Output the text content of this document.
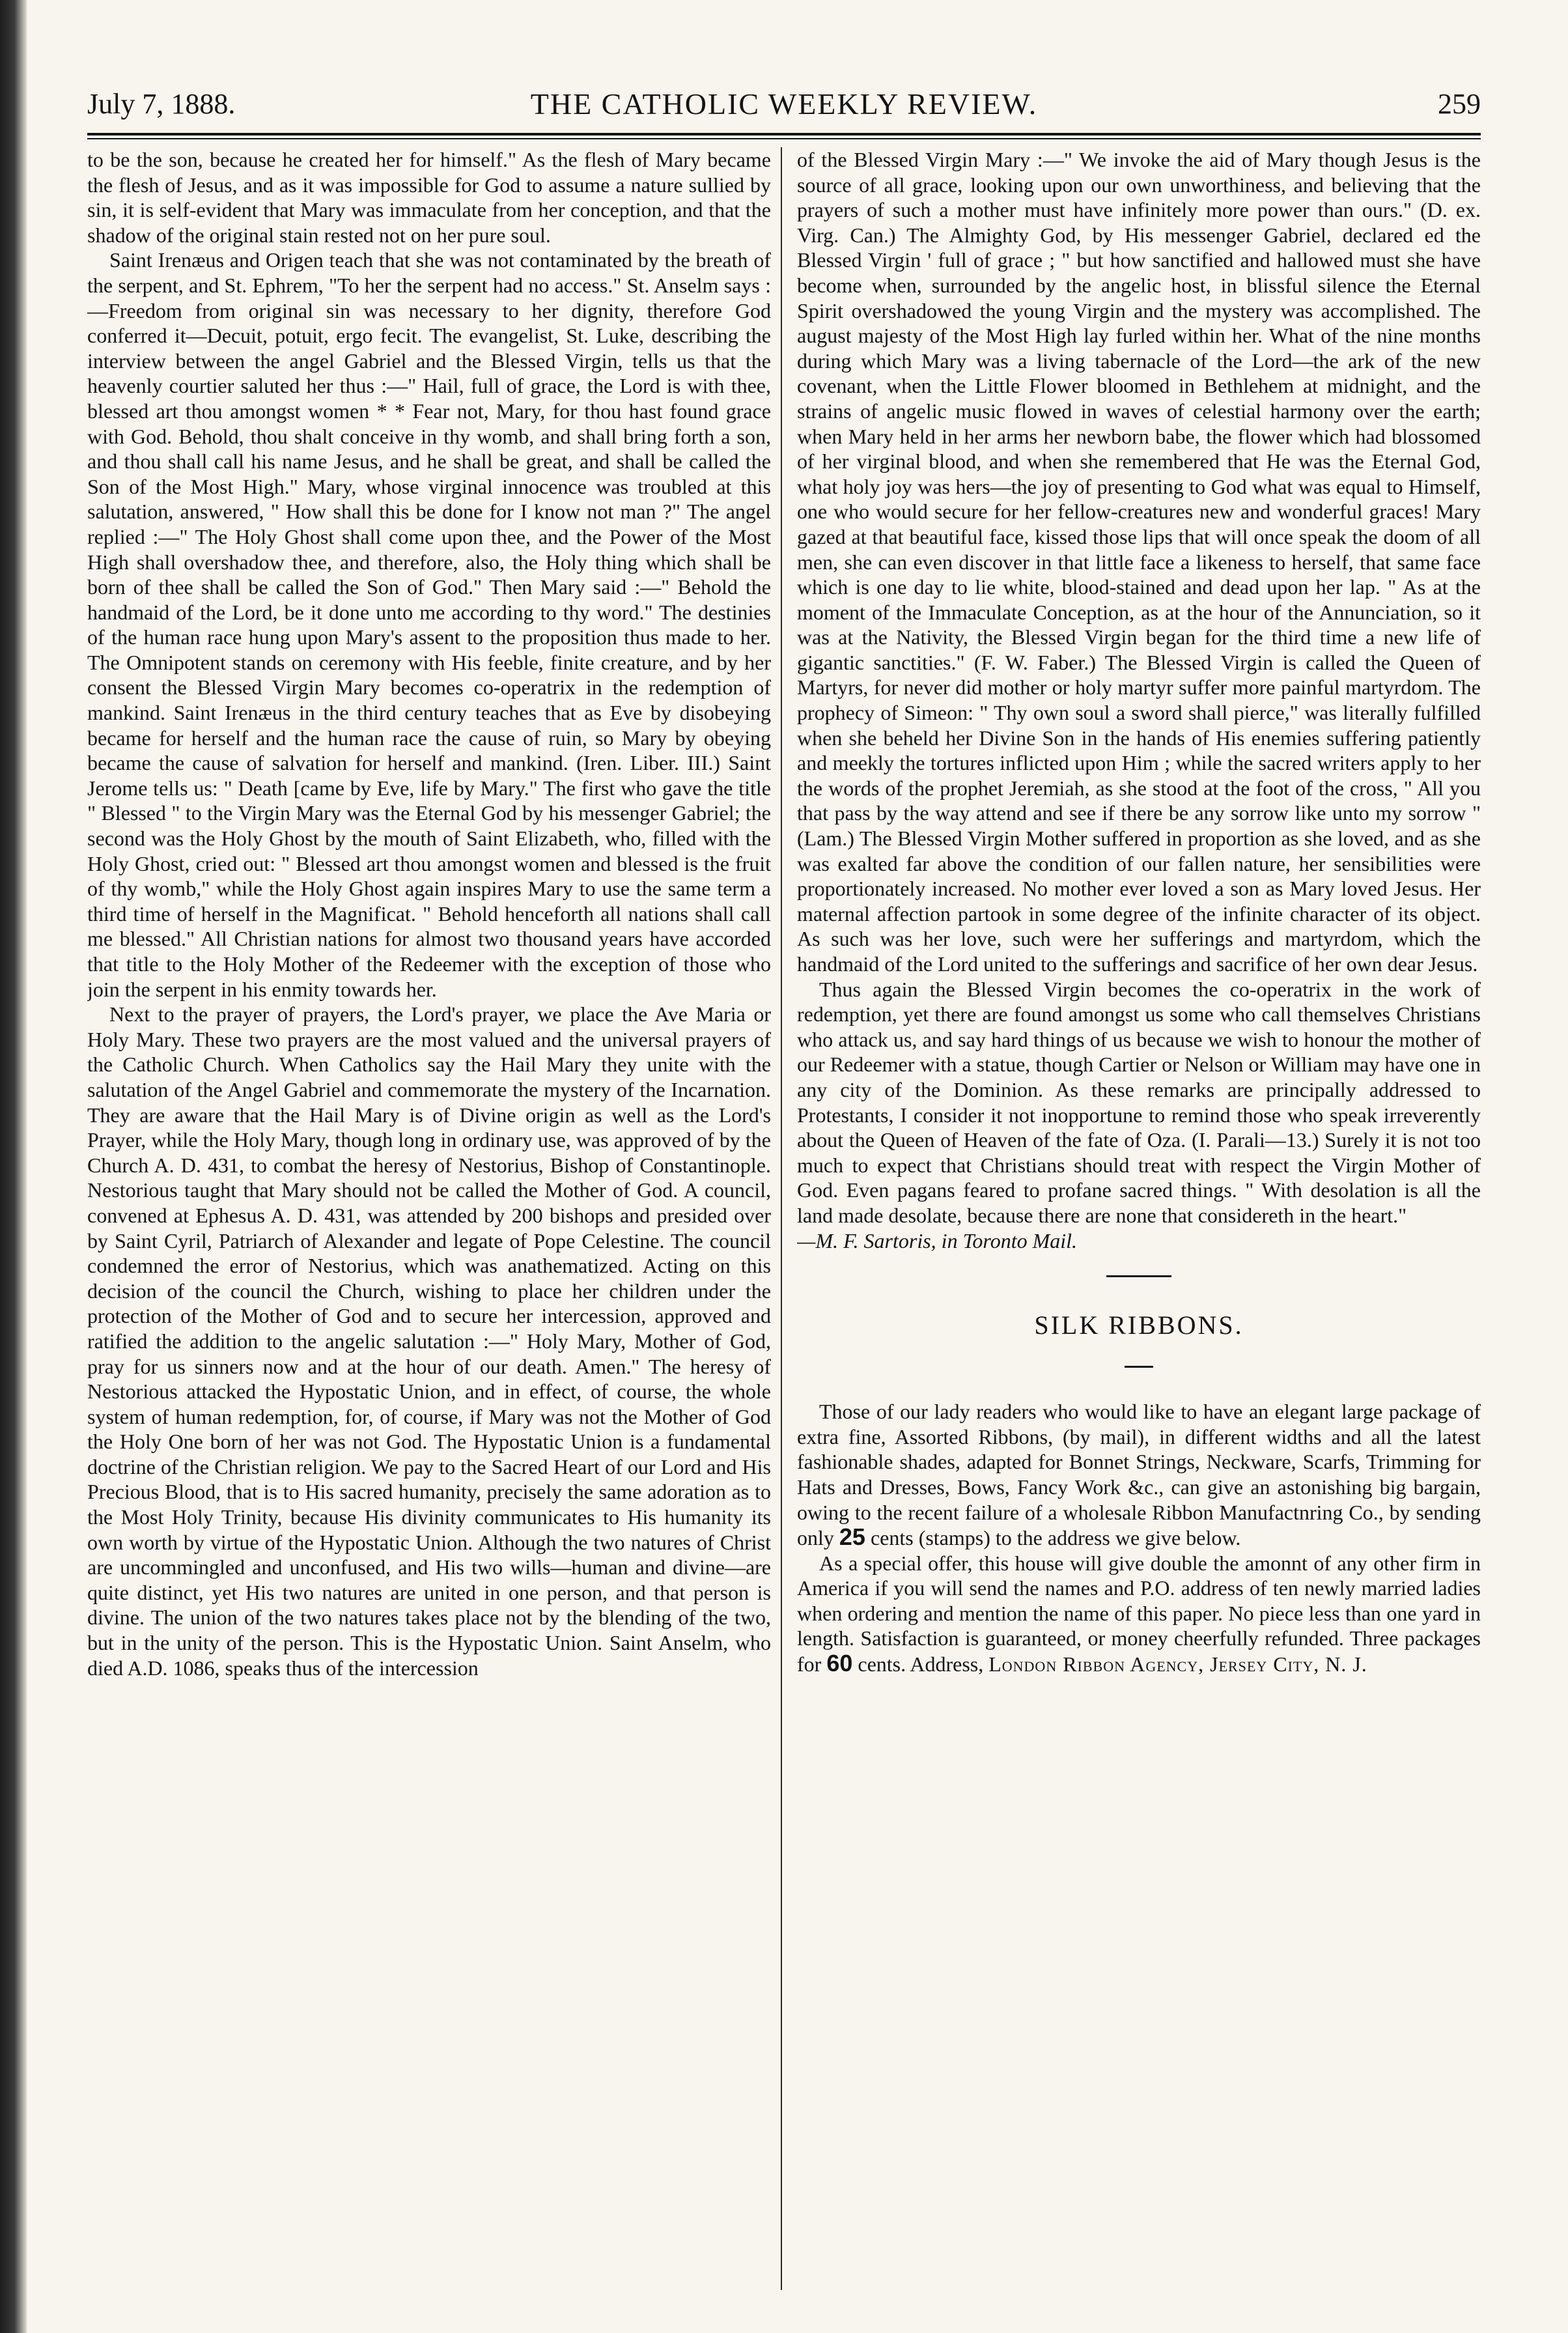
July 7, 1888.	THE CATHOLIC WEEKLY REVIEW.	259

to be the son, because he created her for himself." As the flesh of Mary became the flesh of Jesus, and as it was impossible for God to assume a nature sullied by sin, it is self-evident that Mary was immaculate from her conception, and that the shadow of the original stain rested not on her pure soul.

Saint Irenæus and Origen teach that she was not contaminated by the breath of the serpent, and St. Ephrem, "To her the serpent had no access." St. Anselm says :—Freedom from original sin was necessary to her dignity, therefore God conferred it—Decuit, potuit, ergo fecit. The evangelist, St. Luke, describing the interview between the angel Gabriel and the Blessed Virgin, tells us that the heavenly courtier saluted her thus :—" Hail, full of grace, the Lord is with thee, blessed art thou amongst women * * Fear not, Mary, for thou hast found grace with God. Behold, thou shalt conceive in thy womb, and shall bring forth a son, and thou shall call his name Jesus, and he shall be great, and shall be called the Son of the Most High." Mary, whose virginal innocence was troubled at this salutation, answered, " How shall this be done for I know not man ?" The angel replied :—" The Holy Ghost shall come upon thee, and the Power of the Most High shall overshadow thee, and therefore, also, the Holy thing which shall be born of thee shall be called the Son of God." Then Mary said :—" Behold the handmaid of the Lord, be it done unto me according to thy word." The destinies of the human race hung upon Mary's assent to the proposition thus made to her. The Omnipotent stands on ceremony with His feeble, finite creature, and by her consent the Blessed Virgin Mary becomes co-operatrix in the redemption of mankind. Saint Irenæus in the third century teaches that as Eve by disobeying became for herself and the human race the cause of ruin, so Mary by obeying became the cause of salvation for herself and mankind. (Iren. Liber. III.) Saint Jerome tells us: " Death [came by Eve, life by Mary." The first who gave the title " Blessed " to the Virgin Mary was the Eternal God by his messenger Gabriel; the second was the Holy Ghost by the mouth of Saint Elizabeth, who, filled with the Holy Ghost, cried out: " Blessed art thou amongst women and blessed is the fruit of thy womb," while the Holy Ghost again inspires Mary to use the same term a third time of herself in the Magnificat. " Behold henceforth all nations shall call me blessed." All Christian nations for almost two thousand years have accorded that title to the Holy Mother of the Redeemer with the exception of those who join the serpent in his enmity towards her.

Next to the prayer of prayers, the Lord's prayer, we place the Ave Maria or Holy Mary. These two prayers are the most valued and the universal prayers of the Catholic Church. When Catholics say the Hail Mary they unite with the salutation of the Angel Gabriel and commemorate the mystery of the Incarnation. They are aware that the Hail Mary is of Divine origin as well as the Lord's Prayer, while the Holy Mary, though long in ordinary use, was approved of by the Church A. D. 431, to combat the heresy of Nestorius, Bishop of Constantinople. Nestorious taught that Mary should not be called the Mother of God. A council, convened at Ephesus A. D. 431, was attended by 200 bishops and presided over by Saint Cyril, Patriarch of Alexander and legate of Pope Celestine. The council condemned the error of Nestorius, which was anathematized. Acting on this decision of the council the Church, wishing to place her children under the protection of the Mother of God and to secure her intercession, approved and ratified the addition to the angelic salutation :—" Holy Mary, Mother of God, pray for us sinners now and at the hour of our death. Amen." The heresy of Nestorious attacked the Hypostatic Union, and in effect, of course, the whole system of human redemption, for, of course, if Mary was not the Mother of God the Holy One born of her was not God. The Hypostatic Union is a fundamental doctrine of the Christian religion. We pay to the Sacred Heart of our Lord and His Precious Blood, that is to His sacred humanity, precisely the same adoration as to the Most Holy Trinity, because His divinity communicates to His humanity its own worth by virtue of the Hypostatic Union. Although the two natures of Christ are uncommingled and unconfused, and His two wills—human and divine—are quite distinct, yet His two natures are united in one person, and that person is divine. The union of the two natures takes place not by the blending of the two, but in the unity of the person. This is the Hypostatic Union. Saint Anselm, who died A.D. 1086, speaks thus of the intercession

of the Blessed Virgin Mary :—" We invoke the aid of Mary though Jesus is the source of all grace, looking upon our own unworthiness, and believing that the prayers of such a mother must have infinitely more power than ours." (D. ex. Virg. Can.) The Almighty God, by His messenger Gabriel, declared ed the Blessed Virgin ' full of grace ; " but how sanctified and hallowed must she have become when, surrounded by the angelic host, in blissful silence the Eternal Spirit overshadowed the young Virgin and the mystery was accomplished. The august majesty of the Most High lay furled within her. What of the nine months during which Mary was a living tabernacle of the Lord—the ark of the new covenant, when the Little Flower bloomed in Bethlehem at midnight, and the strains of angelic music flowed in waves of celestial harmony over the earth; when Mary held in her arms her newborn babe, the flower which had blossomed of her virginal blood, and when she remembered that He was the Eternal God, what holy joy was hers—the joy of presenting to God what was equal to Himself, one who would secure for her fellow-creatures new and wonderful graces! Mary gazed at that beautiful face, kissed those lips that will once speak the doom of all men, she can even discover in that little face a likeness to herself, that same face which is one day to lie white, blood-stained and dead upon her lap. " As at the moment of the Immaculate Conception, as at the hour of the Annunciation, so it was at the Nativity, the Blessed Virgin began for the third time a new life of gigantic sanctities." (F. W. Faber.) The Blessed Virgin is called the Queen of Martyrs, for never did mother or holy martyr suffer more painful martyrdom. The prophecy of Simeon: " Thy own soul a sword shall pierce," was literally fulfilled when she beheld her Divine Son in the hands of His enemies suffering patiently and meekly the tortures inflicted upon Him ; while the sacred writers apply to her the words of the prophet Jeremiah, as she stood at the foot of the cross, " All you that pass by the way attend and see if there be any sorrow like unto my sorrow " (Lam.) The Blessed Virgin Mother suffered in proportion as she loved, and as she was exalted far above the condition of our fallen nature, her sensibilities were proportionately increased. No mother ever loved a son as Mary loved Jesus. Her maternal affection partook in some degree of the infinite character of its object. As such was her love, such were her sufferings and martyrdom, which the handmaid of the Lord united to the sufferings and sacrifice of her own dear Jesus.

Thus again the Blessed Virgin becomes the co-operatrix in the work of redemption, yet there are found amongst us some who call themselves Christians who attack us, and say hard things of us because we wish to honour the mother of our Redeemer with a statue, though Cartier or Nelson or William may have one in any city of the Dominion. As these remarks are principally addressed to Protestants, I consider it not inopportune to remind those who speak irreverently about the Queen of Heaven of the fate of Oza. (I. Parali—13.) Surely it is not too much to expect that Christians should treat with respect the Virgin Mother of God. Even pagans feared to profane sacred things. " With desolation is all the land made desolate, because there are none that considereth in the heart."

—M. F. Sartoris, in Toronto Mail.

SILK RIBBONS.

Those of our lady readers who would like to have an elegant large package of extra fine, Assorted Ribbons, (by mail), in different widths and all the latest fashionable shades, adapted for Bonnet Strings, Neckware, Scarfs, Trimming for Hats and Dresses, Bows, Fancy Work &c., can give an astonishing big bargain, owing to the recent failure of a wholesale Ribbon Manufactnring Co., by sending only 25 cents (stamps) to the address we give below.

As a special offer, this house will give double the amonnt of any other firm in America if you will send the names and P.O. address of ten newly married ladies when ordering and mention the name of this paper. No piece less than one yard in length. Satisfaction is guaranteed, or money cheerfully refunded. Three packages for 60 cents. Address, London Ribbon Agency, Jersey City, N. J.
